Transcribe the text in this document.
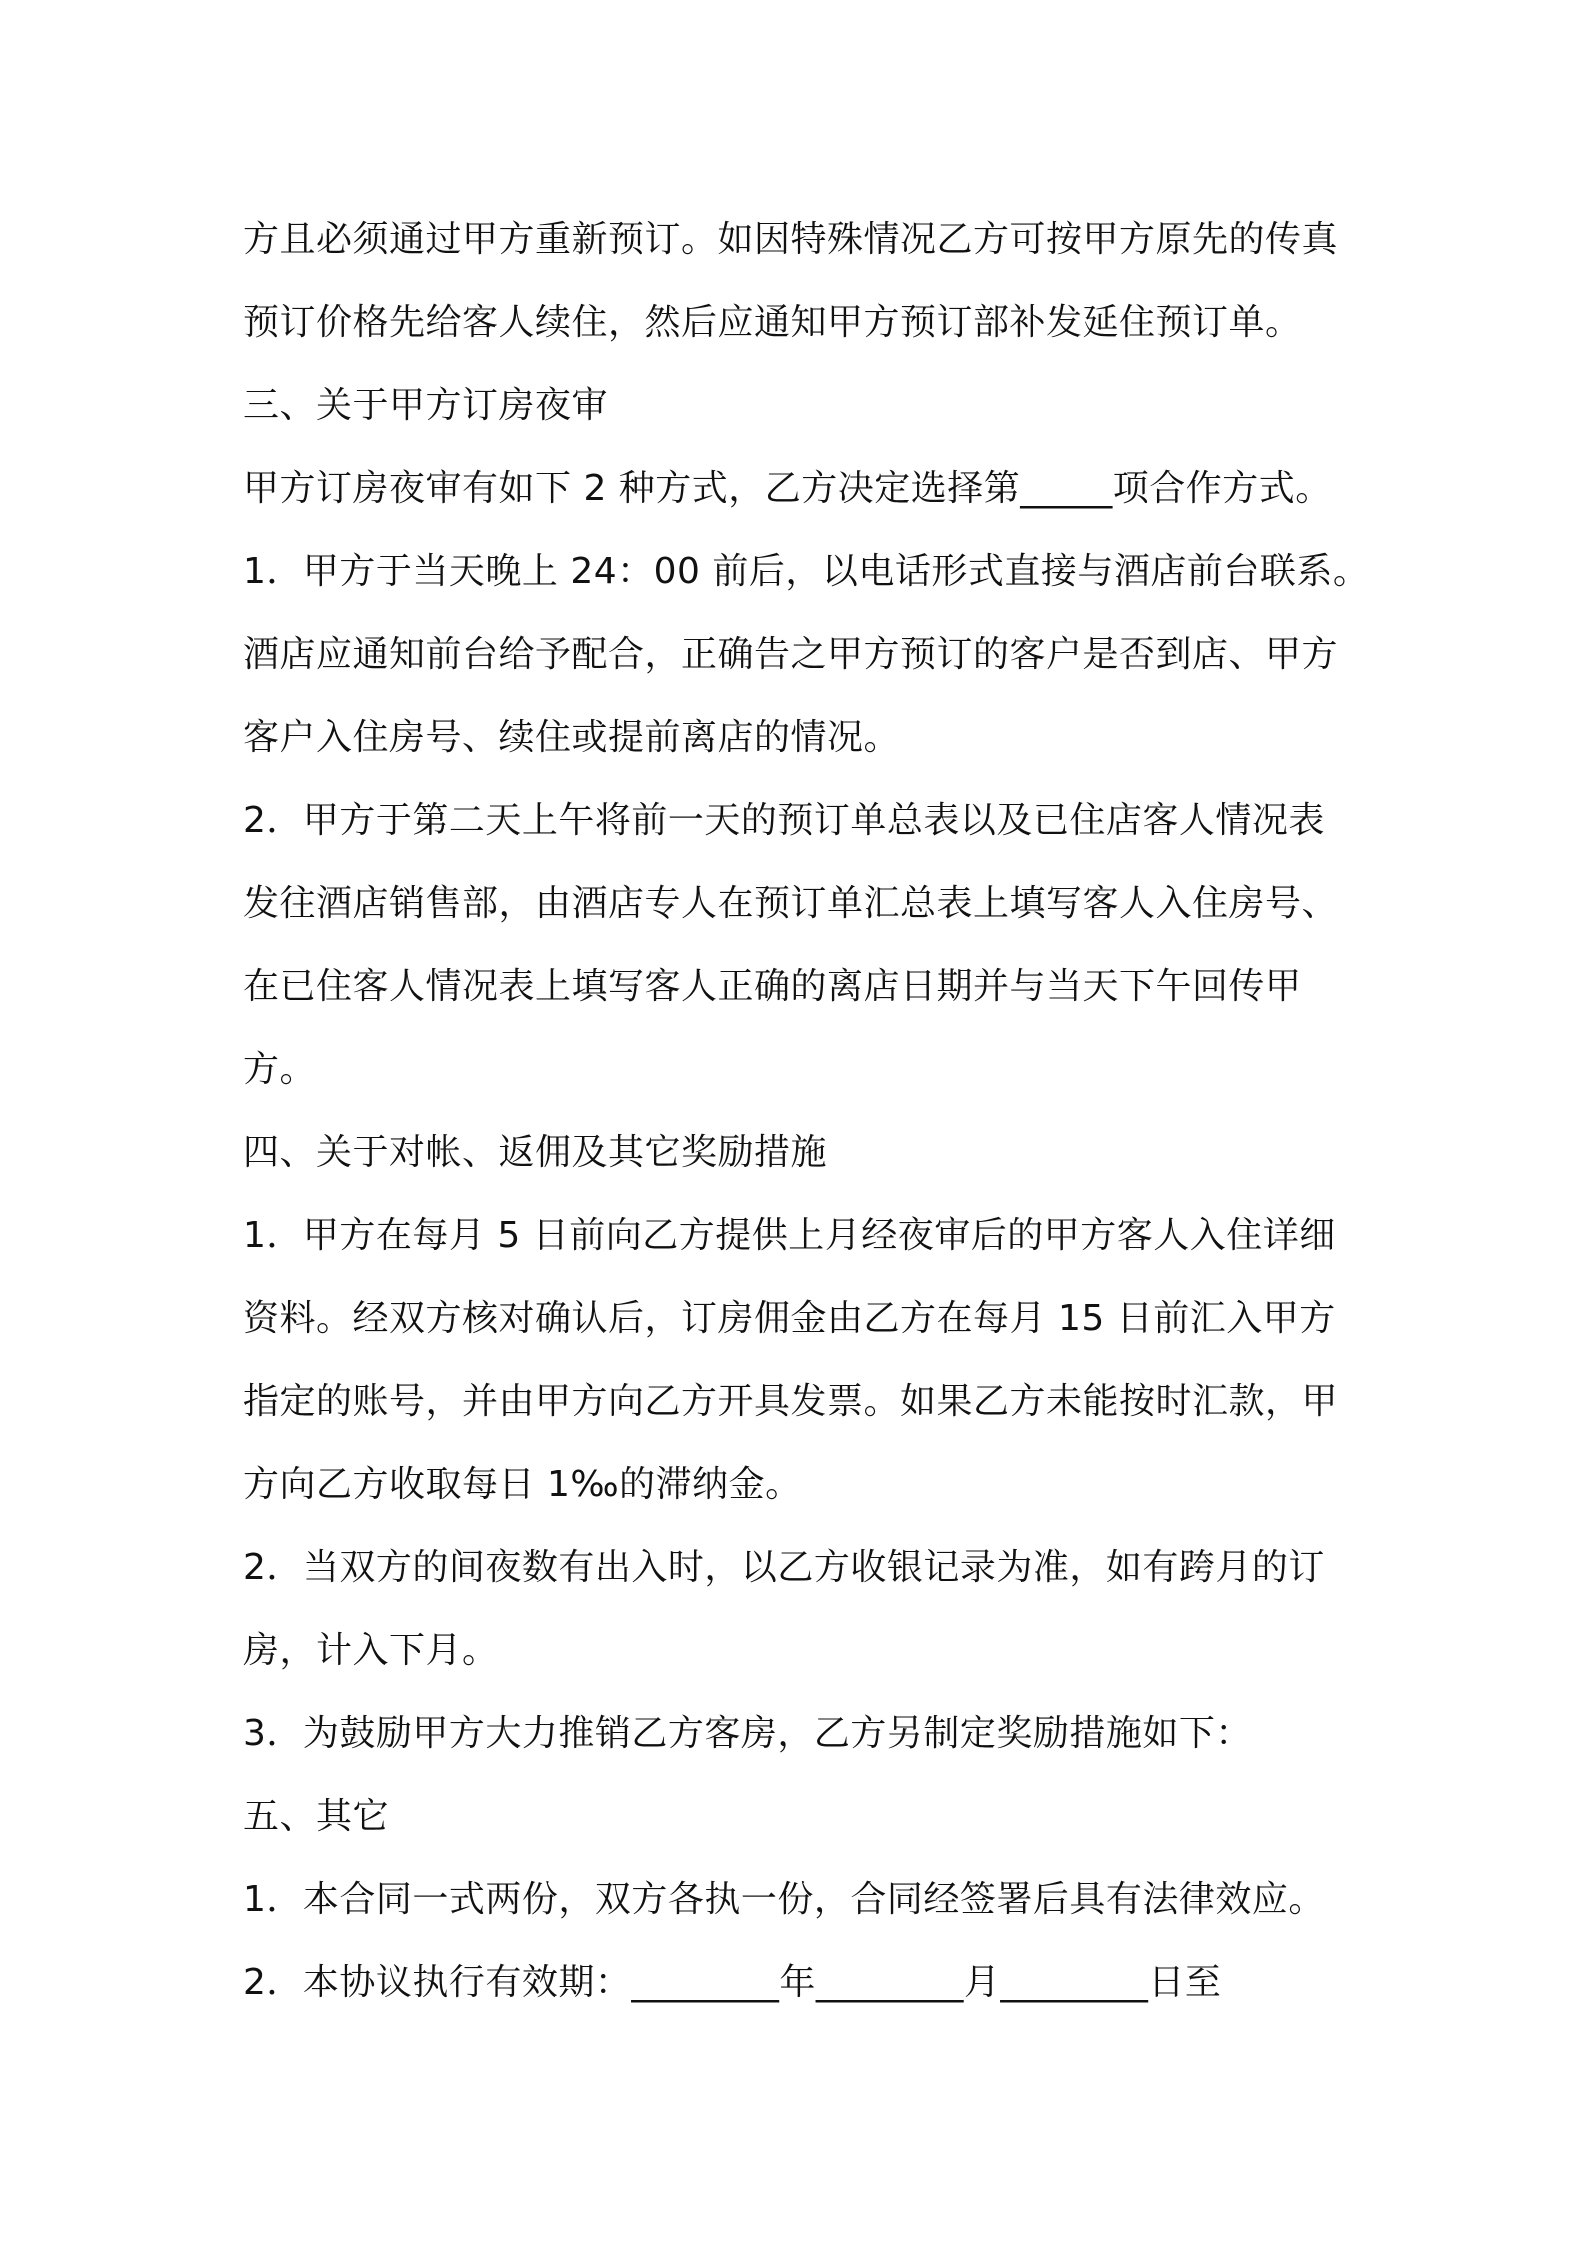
方且必须通过甲方重新预订。如因特殊情况乙方可按甲方原先的传真
预订价格先给客人续住，然后应通知甲方预订部补发延住预订单。
三、关于甲方订房夜审
甲方订房夜审有如下 2 种方式，乙方决定选择第_____项合作方式。
1．甲方于当天晚上 24：00 前后，以电话形式直接与酒店前台联系。
酒店应通知前台给予配合，正确告之甲方预订的客户是否到店、甲方
客户入住房号、续住或提前离店的情况。
2．甲方于第二天上午将前一天的预订单总表以及已住店客人情况表
发往酒店销售部，由酒店专人在预订单汇总表上填写客人入住房号、
在已住客人情况表上填写客人正确的离店日期并与当天下午回传甲
方。
四、关于对帐、返佣及其它奖励措施
1．甲方在每月 5 日前向乙方提供上月经夜审后的甲方客人入住详细
资料。经双方核对确认后，订房佣金由乙方在每月 15 日前汇入甲方
指定的账号，并由甲方向乙方开具发票。如果乙方未能按时汇款，甲
方向乙方收取每日 1‰的滞纳金。
2．当双方的间夜数有出入时，以乙方收银记录为准，如有跨月的订
房，计入下月。
3．为鼓励甲方大力推销乙方客房，乙方另制定奖励措施如下：
五、其它
1．本合同一式两份，双方各执一份，合同经签署后具有法律效应。
2．本协议执行有效期：________年________月________日至
